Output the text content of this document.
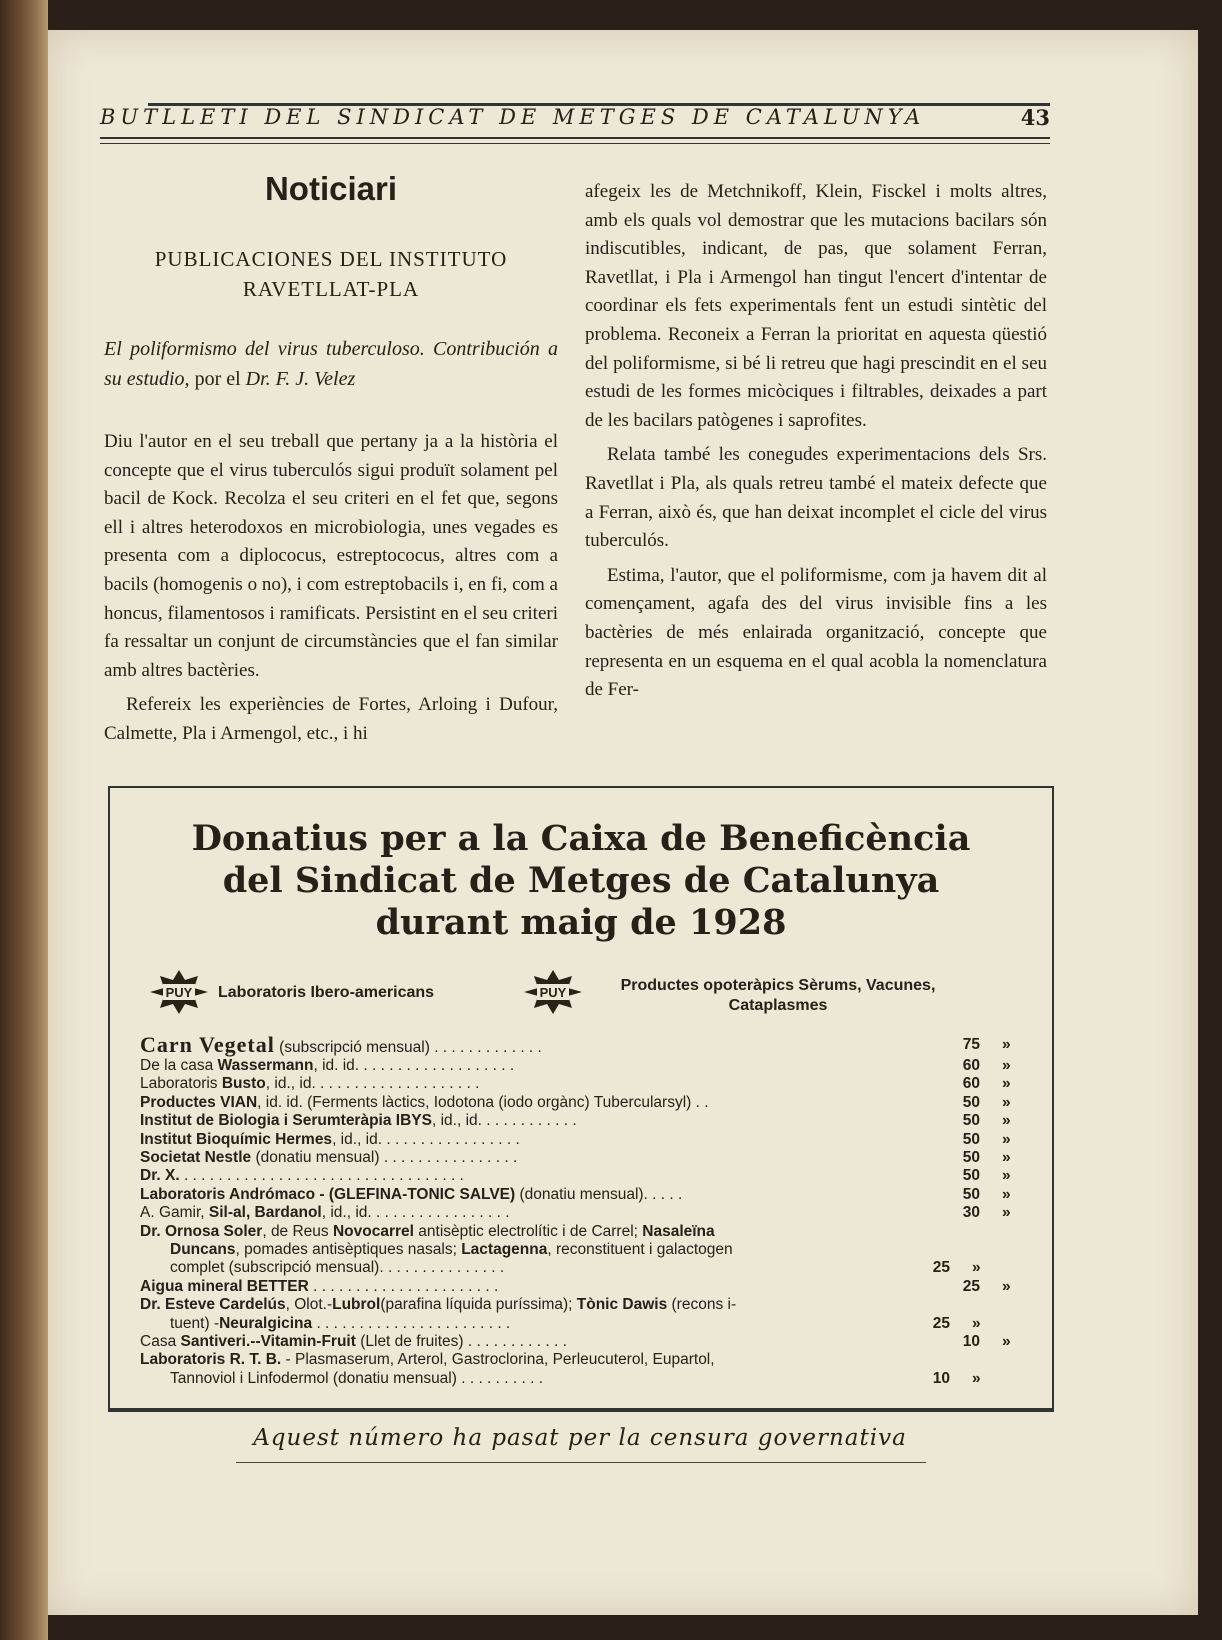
BUTLLETI DEL SINDICAT DE METGES DE CATALUNYA	43
Noticiari
PUBLICACIONES DEL INSTITUTO
RAVETLLAT-PLA
El poliformismo del virus tuberculoso. Contribución a su estudio, por el Dr. F. J. Velez

Diu l'autor en el seu treball que pertany ja a la història el concepte que el virus tuberculós sigui produït solament pel bacil de Kock. Recolza el seu criteri en el fet que, segons ell i altres heterodoxos en microbiologia, unes vegades es presenta com a diplococus, estreptococus, altres com a bacils (homogenis o no), i com estreptobacils i, en fi, com a honcus, filamentosos i ramificats. Persistint en el seu criteri fa ressaltar un conjunt de circumstàncies que el fan similar amb altres bactèries.

Refereix les experiències de Fortes, Arloing i Dufour, Calmette, Pla i Armengol, etc., i hi

afegeix les de Metchnikoff, Klein, Fisckel i molts altres, amb els quals vol demostrar que les mutacions bacilars són indiscutibles, indicant, de pas, que solament Ferran, Ravetllat, i Pla i Armengol han tingut l'encert d'intentar de coordinar els fets experimentals fent un estudi sintètic del problema. Reconeix a Ferran la prioritat en aquesta qüestió del poliformisme, si bé li retreu que hagi prescindit en el seu estudi de les formes micòciques i filtrables, deixades a part de les bacilars patògenes i saprofites.

Relata també les conegudes experimentacions dels Srs. Ravetllat i Pla, als quals retreu també el mateix defecte que a Ferran, això és, que han deixat incomplet el cicle del virus tuberculós.

Estima, l'autor, que el poliformisme, com ja havem dit al començament, agafa des del virus invisible fins a les bactèries de més enlairada organització, concepte que representa en un esquema en el qual acobla la nomenclatura de Fer-

Donatius per a la Caixa de Beneficència
del Sindicat de Metges de Catalunya
durant maig de 1928
PUY Laboratoris Ibero-americans	PUY	Productes opoteràpics Sèrums, Vacunes,
Cataplasmes
Carn Vegetal (subscripció mensual) . . . . . . . . . . . . .	75 »
De la casa Wassermann, id. id. . . . . . . . . . . . . . . . . . .	60 »
Laboratoris Busto, id., id. . . . . . . . . . . . . . . . . . . .	60 »
Productes VIAN, id. id. (Ferments làctics, Iodotona (iodo orgànc) Tubercularsyl) . .	50 »
Institut de Biologia i Serumteràpia IBYS, id., id. . . . . . . . . . . .	50 »
Institut Bioquímic Hermes, id., id. . . . . . . . . . . . . . . . .	50 »
Societat Nestle (donatiu mensual) . . . . . . . . . . . . . . . .	50 »
Dr. X. . . . . . . . . . . . . . . . . . . . . . . . . . . . . . . . . .	50 »
Laboratoris Andrómaco - (GLEFINA-TONIC SALVE) (donatiu mensual). . . . .	50 »
A. Gamir, Sil-al, Bardanol, id., id. . . . . . . . . . . . . . . . .	30 »
Dr. Ornosa Soler, de Reus Novocarrel antisèptic electrolític i de Carrel; Nasaleïna
Duncans, pomades antisèptiques nasals; Lactagenna, reconstituent i galactogen
complet (subscripció mensual). . . . . . . . . . . . . . .	25 »
Aigua mineral BETTER . . . . . . . . . . . . . . . . . . . . . .	25 »
Dr. Esteve Cardelús, Olot.-Lubrol(parafina líquida puríssima); Tònic Dawis (recons i-
tuent) -Neuralgicina . . . . . . . . . . . . . . . . . . . . . . .	25 »
Casa Santiveri.--Vitamin-Fruit (Llet de fruites) . . . . . . . . . . . .	10 »
Laboratoris R. T. B. - Plasmaserum, Arterol, Gastroclorina, Perleucuterol, Eupartol,
Tannoviol i Linfodermol (donatiu mensual) . . . . . . . . . .	10 »
Aquest número ha pasat per la censura governativa
